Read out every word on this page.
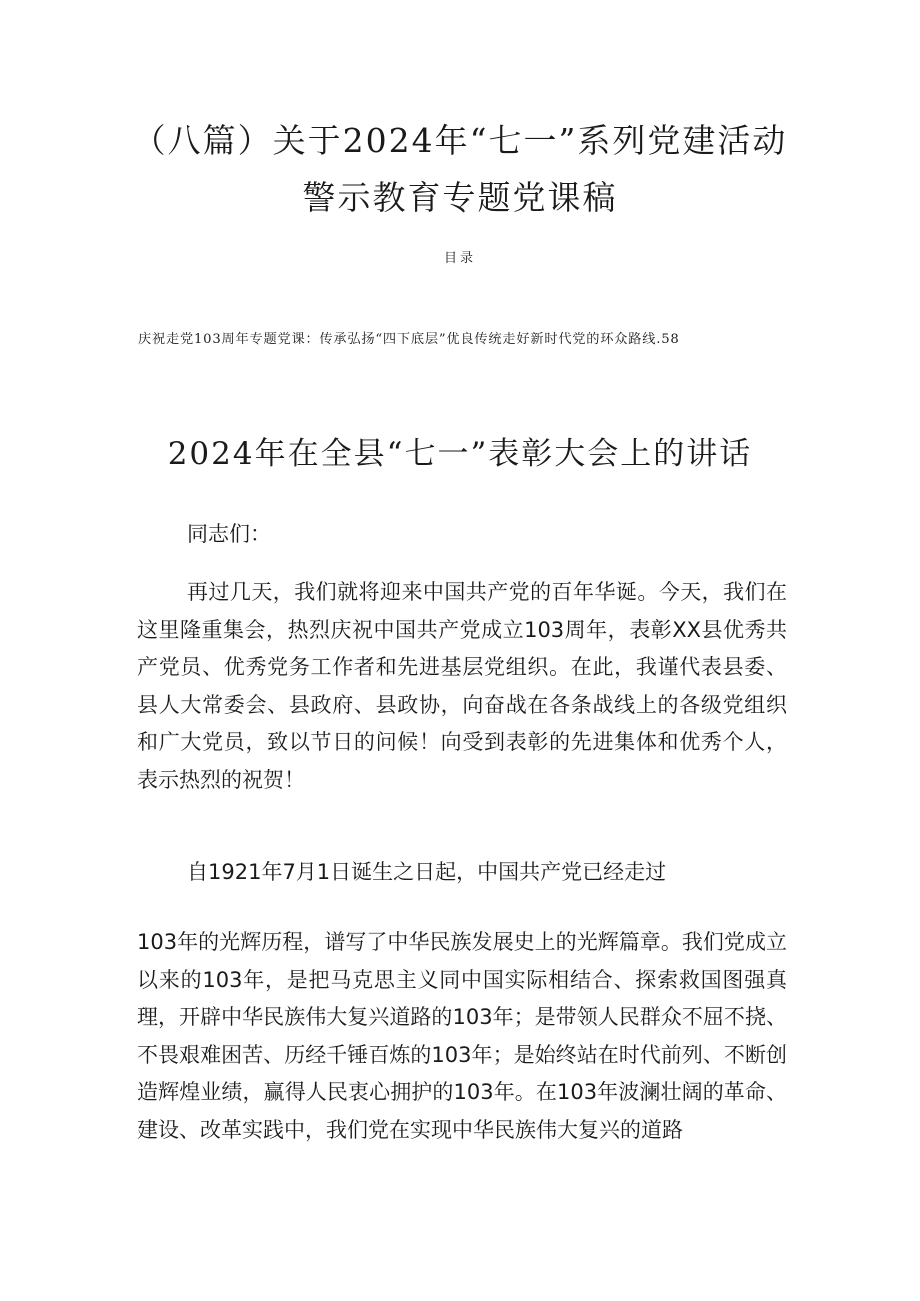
（八篇）关于2024年“七一”系列党建活动警示教育专题党课稿
目录
庆祝走党103周年专题党课：传承弘扬“四下底层”优良传统走好新时代党的环众路线.58
2024年在全县“七一”表彰大会上的讲话

同志们：

再过几天，我们就将迎来中国共产党的百年华诞。今天，我们在这里隆重集会，热烈庆祝中国共产党成立103周年，表彰XX县优秀共产党员、优秀党务工作者和先进基层党组织。在此，我谨代表县委、县人大常委会、县政府、县政协，向奋战在各条战线上的各级党组织和广大党员，致以节日的问候！向受到表彰的先进集体和优秀个人，表示热烈的祝贺！

自1921年7月1日诞生之日起，中国共产党已经走过

103年的光辉历程，谱写了中华民族发展史上的光辉篇章。我们党成立以来的103年，是把马克思主义同中国实际相结合、探索救国图强真理，开辟中华民族伟大复兴道路的103年；是带领人民群众不屈不挠、不畏艰难困苦、历经千锤百炼的103年；是始终站在时代前列、不断创造辉煌业绩，赢得人民衷心拥护的103年。在103年波澜壮阔的革命、建设、改革实践中，我们党在实现中华民族伟大复兴的道路
